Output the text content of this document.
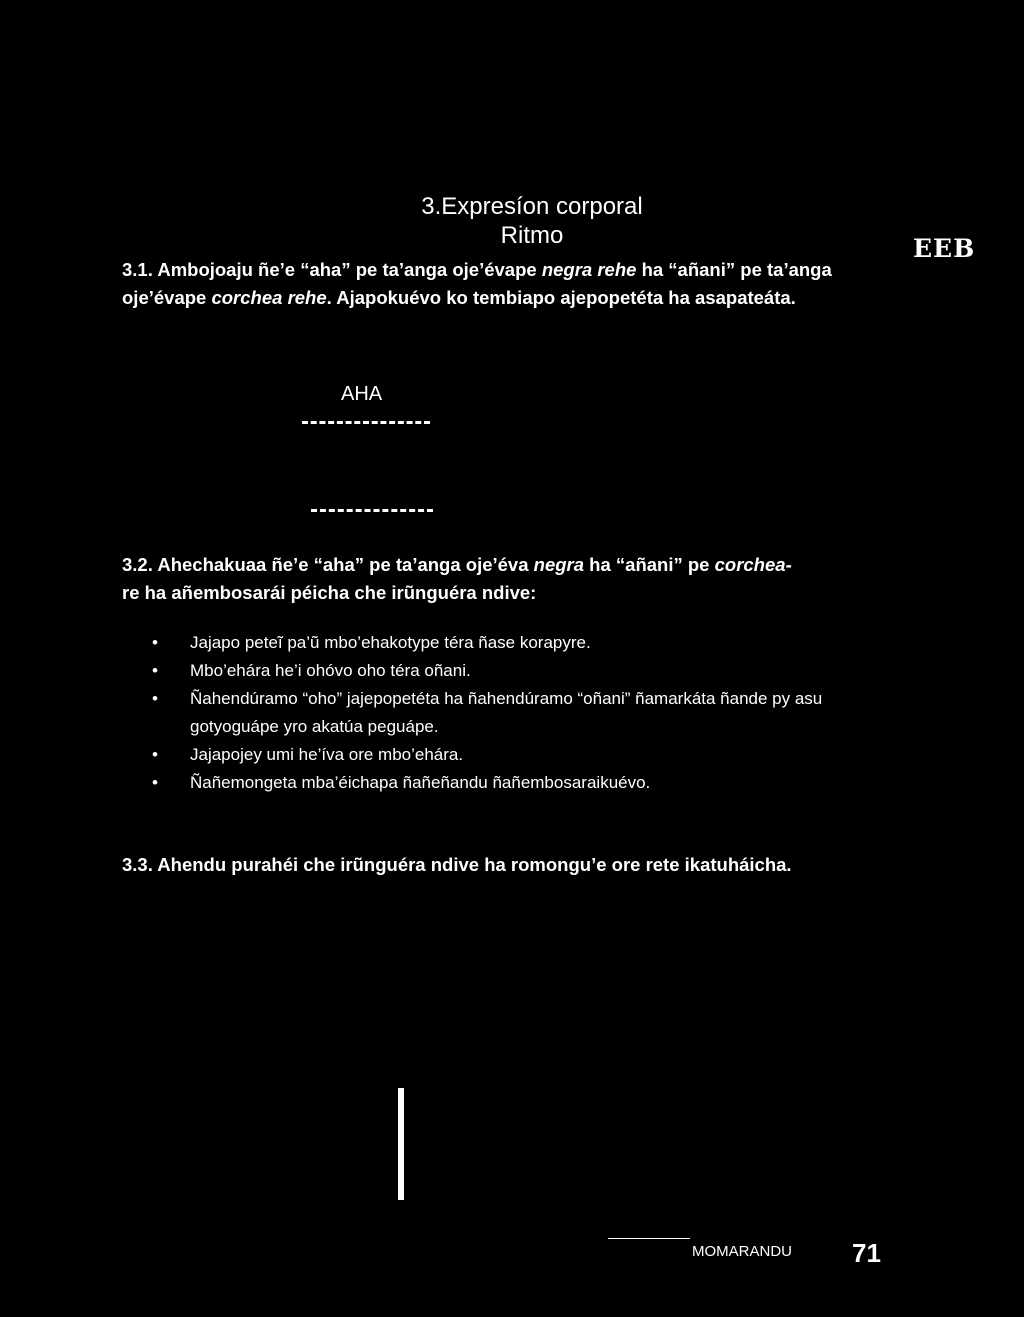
3.Expresíon corporal
Ritmo	EEB
3.1. Ambojoaju ñe’e “aha” pe ta’anga oje’évape negra rehe ha “añani” pe ta’anga oje’évape corchea rehe. Ajapokuévo ko tembiapo ajepopetéta ha asapateáta.
AHA
3.2. Ahechakuaa ñe’e “aha” pe ta’anga oje’éva negra ha “añani” pe corchea-
re ha añembosarái péicha che irũnguéra ndive:
• Jajapo peteĩ pa’ũ mbo’ehakotype téra ñase korapyre.
• Mbo’ehára he’i ohóvo oho téra oñani.
• Ñahendúramo “oho” jajepopetéta ha ñahendúramo “oñani” ñamarkáta ñande py asu gotyoguápe yro akatúa peguápe.
• Jajapojey umi he’íva ore mbo’ehára.
• Ñañemongeta mba’éichapa ñañeñandu ñañembosaraikuévo.
3.3. Ahendu purahéi che irũnguéra ndive ha romongu’e ore rete ikatuháicha.
MOMARANDU 71
